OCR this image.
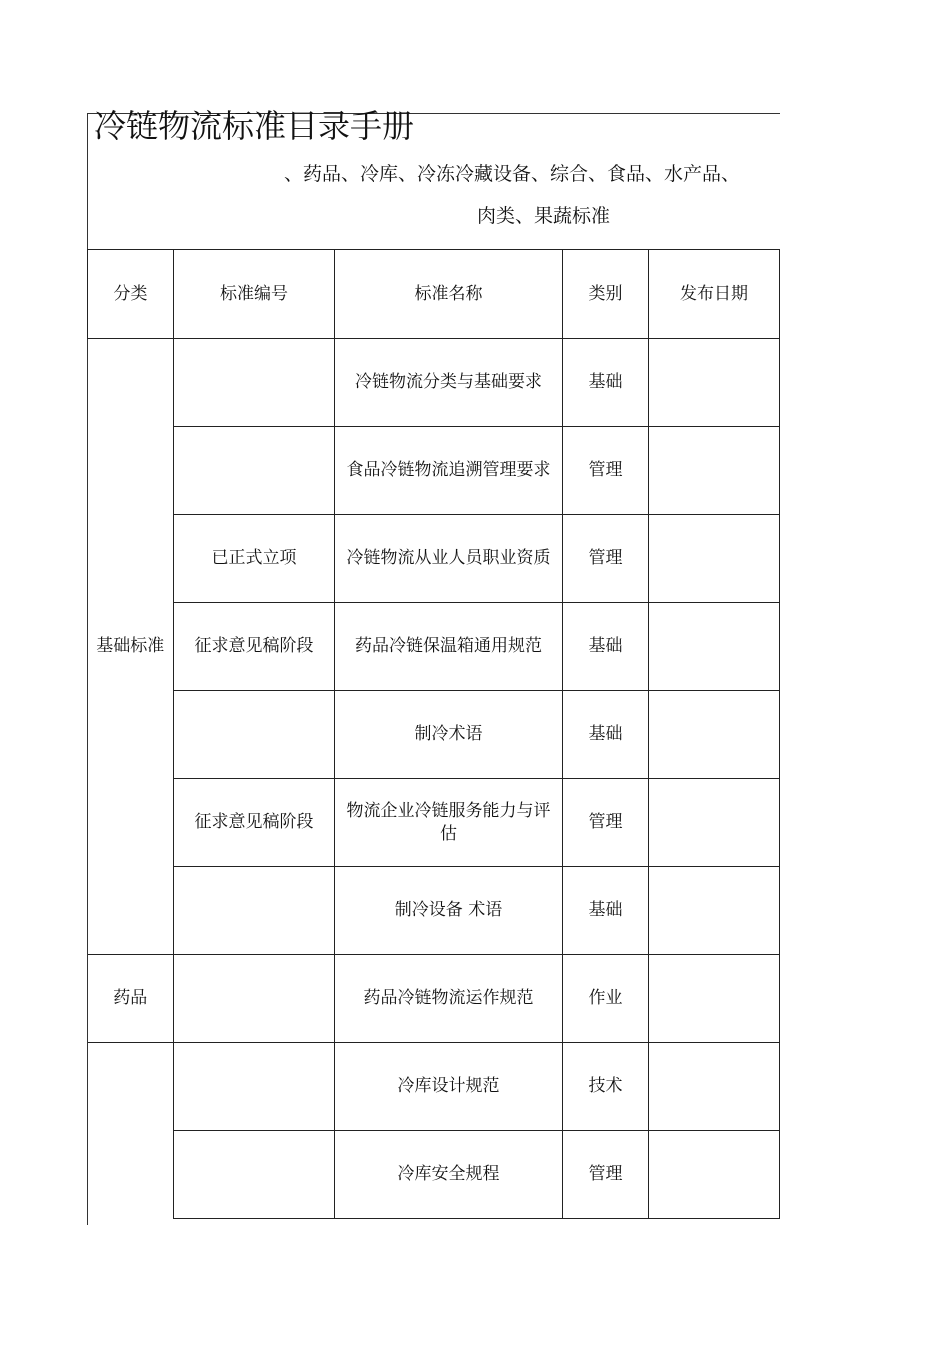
冷链物流标准目录手册
、药品、冷库、冷冻冷藏设备、综合、食品、水产品、
肉类、果蔬标准
分类	标准编号	标准名称	类别	发布日期
基础标准		冷链物流分类与基础要求	基础	
		食品冷链物流追溯管理要求	管理	
	已正式立项	冷链物流从业人员职业资质	管理	
	征求意见稿阶段	药品冷链保温箱通用规范	基础	
		制冷术语	基础	
	征求意见稿阶段	物流企业冷链服务能力与评估	管理	
		制冷设备 术语	基础	
药品		药品冷链物流运作规范	作业	
		冷库设计规范	技术	
		冷库安全规程	管理	
